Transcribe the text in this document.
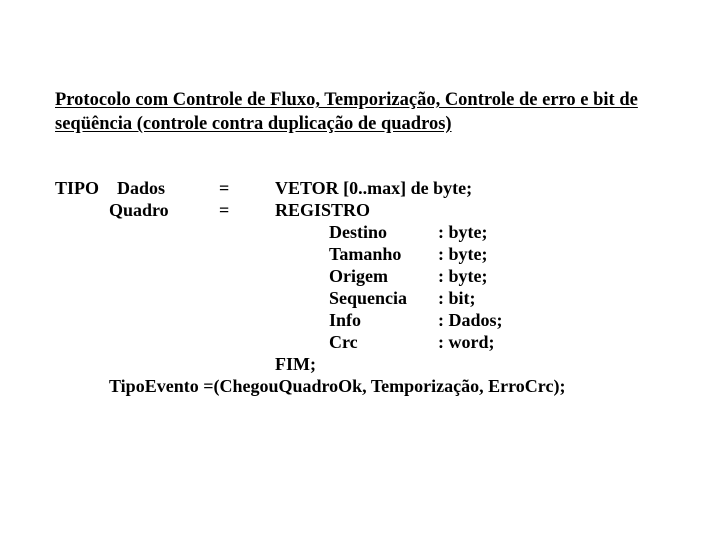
Protocolo com Controle de Fluxo, Temporização, Controle de erro e bit de
seqüência (controle contra duplicação de quadros)
TIPO Dados	=	VETOR [0..max] de byte;
Quadro	=	REGISTRO
Destino	: byte;
Tamanho : byte;
Origem	: byte;
Sequencia : bit;
Info	: Dados;
Crc	: word;
FIM;
TipoEvento =(ChegouQuadroOk, Temporização, ErroCrc);
